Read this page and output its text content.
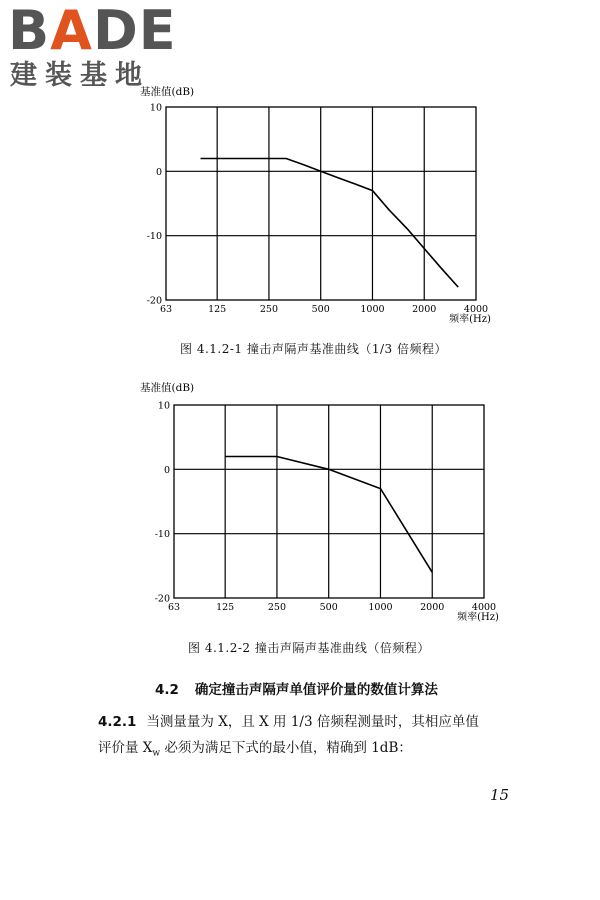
BADE
建装基地
10
0
-10
-20
63	125	250	500	1000	2000	4000
基准值(dB)
频率(Hz)
图 4.1.2-1 撞击声隔声基准曲线（1/3 倍频程）
10
0
-10
-20
63	125	250	500	1000	2000	4000
基准值(dB)
频率(Hz)
图 4.1.2-2 撞击声隔声基准曲线（倍频程）
4.2 确定撞击声隔声单值评价量的数值计算法

4.2.1 当测量量为 X，且 X 用 1/3 倍频程测量时，其相应单值
评价量 $X_w$ 必须为满足下式的最小值，精确到 1dB：

15
